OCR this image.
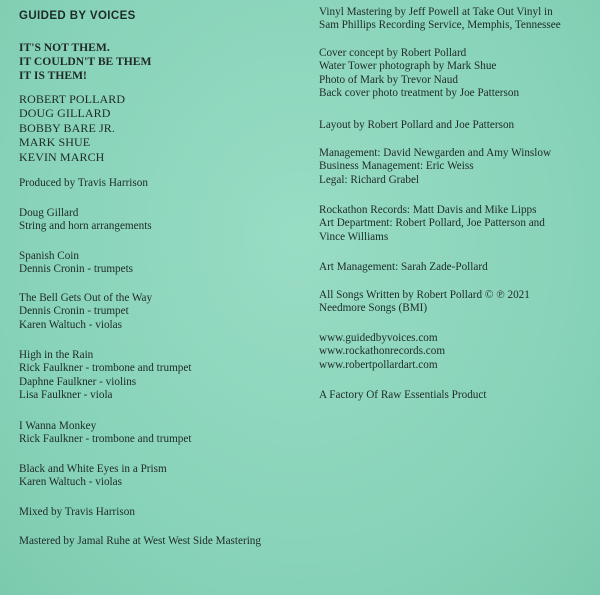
GUIDED BY VOICES
IT'S NOT THEM.
IT COULDN'T BE THEM
IT IS THEM!
ROBERT POLLARD
DOUG GILLARD
BOBBY BARE JR.
MARK SHUE
KEVIN MARCH
Produced by Travis Harrison
Doug Gillard
String and horn arrangements
Spanish Coin
Dennis Cronin - trumpets
The Bell Gets Out of the Way
Dennis Cronin - trumpet
Karen Waltuch - violas
High in the Rain
Rick Faulkner - trombone and trumpet
Daphne Faulkner - violins
Lisa Faulkner - viola
I Wanna Monkey
Rick Faulkner - trombone and trumpet
Black and White Eyes in a Prism
Karen Waltuch - violas
Mixed by Travis Harrison
Mastered by Jamal Ruhe at West West Side Mastering
Vinyl Mastering by Jeff Powell at Take Out Vinyl in
Sam Phillips Recording Service, Memphis, Tennessee
Cover concept by Robert Pollard
Water Tower photograph by Mark Shue
Photo of Mark by Trevor Naud
Back cover photo treatment by Joe Patterson
Layout by Robert Pollard and Joe Patterson
Management: David Newgarden and Amy Winslow
Business Management: Eric Weiss
Legal: Richard Grabel
Rockathon Records: Matt Davis and Mike Lipps
Art Department: Robert Pollard, Joe Patterson and
Vince Williams
Art Management: Sarah Zade-Pollard
All Songs Written by Robert Pollard © ℗ 2021
Needmore Songs (BMI)
www.guidedbyvoices.com
www.rockathonrecords.com
www.robertpollardart.com
A Factory Of Raw Essentials Product
